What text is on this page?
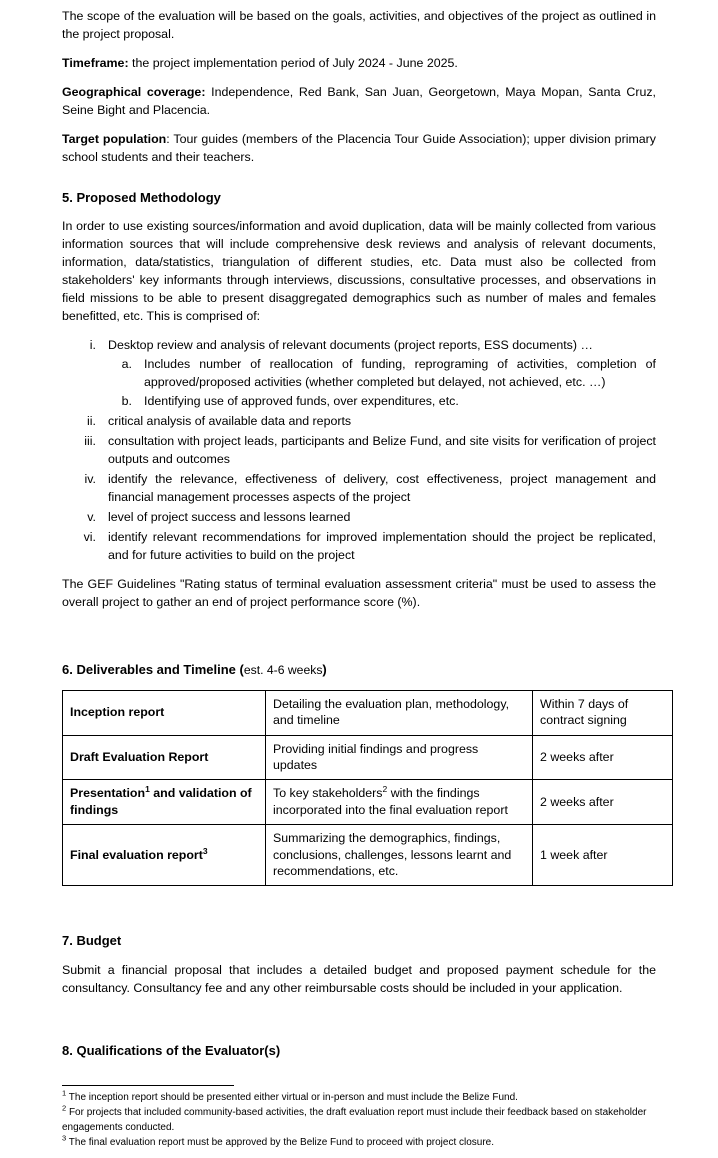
The scope of the evaluation will be based on the goals, activities, and objectives of the project as outlined in the project proposal.

Timeframe: the project implementation period of July 2024 - June 2025.

Geographical coverage: Independence, Red Bank, San Juan, Georgetown, Maya Mopan, Santa Cruz, Seine Bight and Placencia.

Target population: Tour guides (members of the Placencia Tour Guide Association); upper division primary school students and their teachers.

5. Proposed Methodology

In order to use existing sources/information and avoid duplication, data will be mainly collected from various information sources that will include comprehensive desk reviews and analysis of relevant documents, information, data/statistics, triangulation of different studies, etc. Data must also be collected from stakeholders' key informants through interviews, discussions, consultative processes, and observations in field missions to be able to present disaggregated demographics such as number of males and females benefitted, etc. This is comprised of:

i. Desktop review and analysis of relevant documents (project reports, ESS documents) …
a. Includes number of reallocation of funding, reprograming of activities, completion of approved/proposed activities (whether completed but delayed, not achieved, etc. …)
b. Identifying use of approved funds, over expenditures, etc.
ii. critical analysis of available data and reports
iii. consultation with project leads, participants and Belize Fund, and site visits for verification of project outputs and outcomes
iv. identify the relevance, effectiveness of delivery, cost effectiveness, project management and financial management processes aspects of the project
v. level of project success and lessons learned
vi. identify relevant recommendations for improved implementation should the project be replicated, and for future activities to build on the project

The GEF Guidelines "Rating status of terminal evaluation assessment criteria" must be used to assess the overall project to gather an end of project performance score (%).

6. Deliverables and Timeline (est. 4-6 weeks)
Inception report	Detailing the evaluation plan, methodology, and timeline	Within 7 days of contract signing
Draft Evaluation Report	Providing initial findings and progress updates	2 weeks after
Presentation$^1$ and validation of findings	To key stakeholders$^2$ with the findings incorporated into the final evaluation report	2 weeks after
Final evaluation report$^3$	Summarizing the demographics, findings, conclusions, challenges, lessons learnt and recommendations, etc.	1 week after
7. Budget

Submit a financial proposal that includes a detailed budget and proposed payment schedule for the consultancy. Consultancy fee and any other reimbursable costs should be included in your application.

8. Qualifications of the Evaluator(s)

$^1$ The inception report should be presented either virtual or in-person and must include the Belize Fund.

$^2$ For projects that included community-based activities, the draft evaluation report must include their feedback based on stakeholder engagements conducted.

$^3$ The final evaluation report must be approved by the Belize Fund to proceed with project closure.
